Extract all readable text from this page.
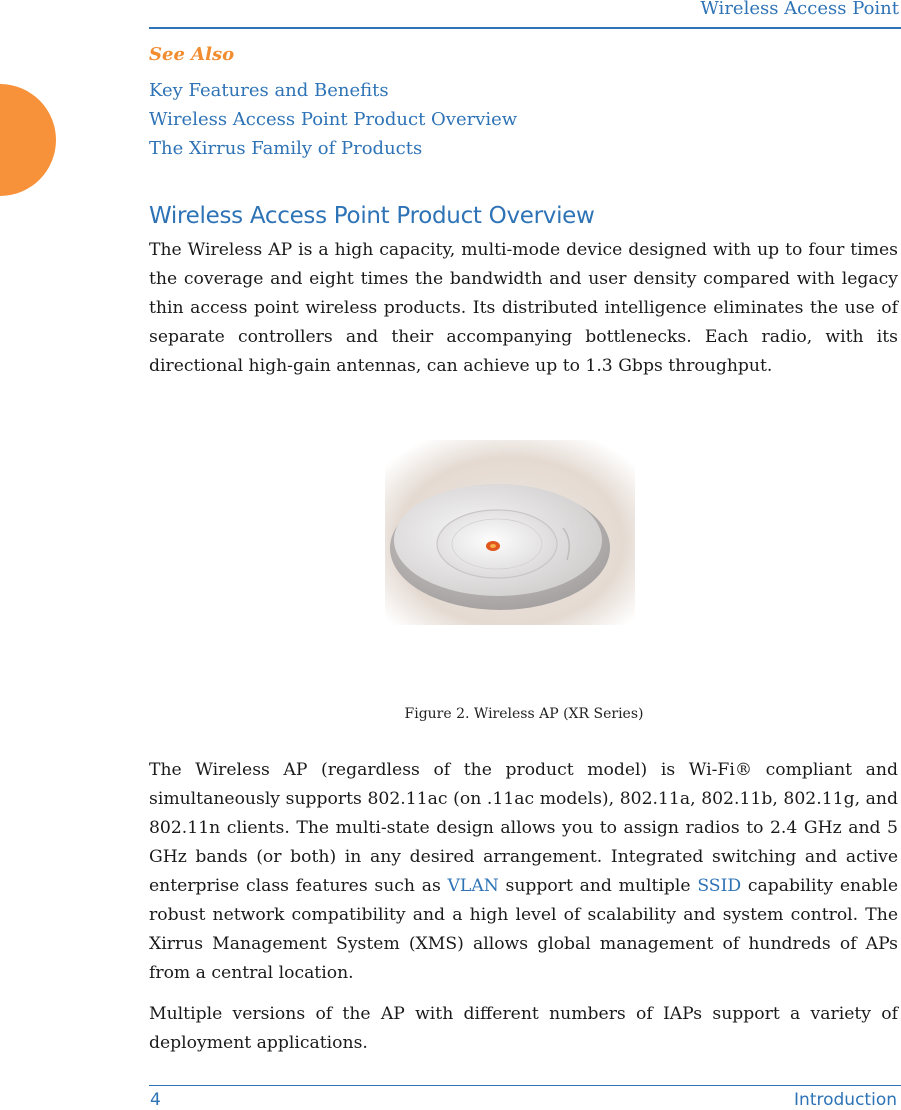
Wireless Access Point
See Also
Key Features and Benefits
Wireless Access Point Product Overview
The Xirrus Family of Products
Wireless Access Point Product Overview

The Wireless AP is a high capacity, multi-mode device designed with up to four times the coverage and eight times the bandwidth and user density compared with legacy thin access point wireless products. Its distributed intelligence eliminates the use of separate controllers and their accompanying bottlenecks. Each radio, with its directional high-gain antennas, can achieve up to 1.3 Gbps throughput.

Figure 2. Wireless AP (XR Series)

The Wireless AP (regardless of the product model) is Wi-Fi® compliant and simultaneously supports 802.11ac (on .11ac models), 802.11a, 802.11b, 802.11g, and 802.11n clients. The multi-state design allows you to assign radios to 2.4 GHz and 5 GHz bands (or both) in any desired arrangement. Integrated switching and active enterprise class features such as VLAN support and multiple SSID capability enable robust network compatibility and a high level of scalability and system control. The Xirrus Management System (XMS) allows global management of hundreds of APs from a central location.

Multiple versions of the AP with different numbers of IAPs support a variety of deployment applications.

4	Introduction
